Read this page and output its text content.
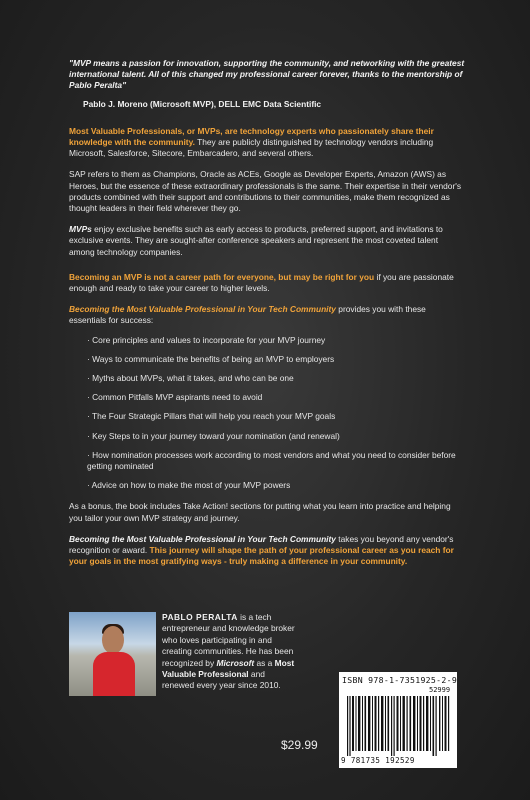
"MVP means a passion for innovation, supporting the community, and networking with the greatest international talent. All of this changed my professional career forever, thanks to the mentorship of Pablo Peralta"

Pablo J. Moreno (Microsoft MVP), DELL EMC Data Scientific

Most Valuable Professionals, or MVPs, are technology experts who passionately share their knowledge with the community. They are publicly distinguished by technology vendors including Microsoft, Salesforce, Sitecore, Embarcadero, and several others.

SAP refers to them as Champions, Oracle as ACEs, Google as Developer Experts, Amazon (AWS) as Heroes, but the essence of these extraordinary professionals is the same. Their expertise in their vendor's products combined with their support and contributions to their communities, make them recognized as thought leaders in their field wherever they go.

MVPs enjoy exclusive benefits such as early access to products, preferred support, and invitations to exclusive events. They are sought-after conference speakers and represent the most coveted talent among technology companies.

Becoming an MVP is not a career path for everyone, but may be right for you if you are passionate enough and ready to take your career to higher levels.

Becoming the Most Valuable Professional in Your Tech Community provides you with these essentials for success:

· Core principles and values to incorporate for your MVP journey
· Ways to communicate the benefits of being an MVP to employers
· Myths about MVPs, what it takes, and who can be one
· Common Pitfalls MVP aspirants need to avoid
· The Four Strategic Pillars that will help you reach your MVP goals
· Key Steps to in your journey toward your nomination (and renewal)
· How nomination processes work according to most vendors and what you need to consider before getting nominated
· Advice on how to make the most of your MVP powers

As a bonus, the book includes Take Action! sections for putting what you learn into practice and helping you tailor your own MVP strategy and journey.

Becoming the Most Valuable Professional in Your Tech Community takes you beyond any vendor's recognition or award. This journey will shape the path of your professional career as you reach for your goals in the most gratifying ways - truly making a difference in your community.

PABLO PERALTA is a tech entrepreneur and knowledge broker who loves participating in and creating communities. He has been recognized by Microsoft as a Most Valuable Professional and renewed every year since 2010.
$29.99
ISBN 978-1-7351925-2-9
52999
9 781735 192529
